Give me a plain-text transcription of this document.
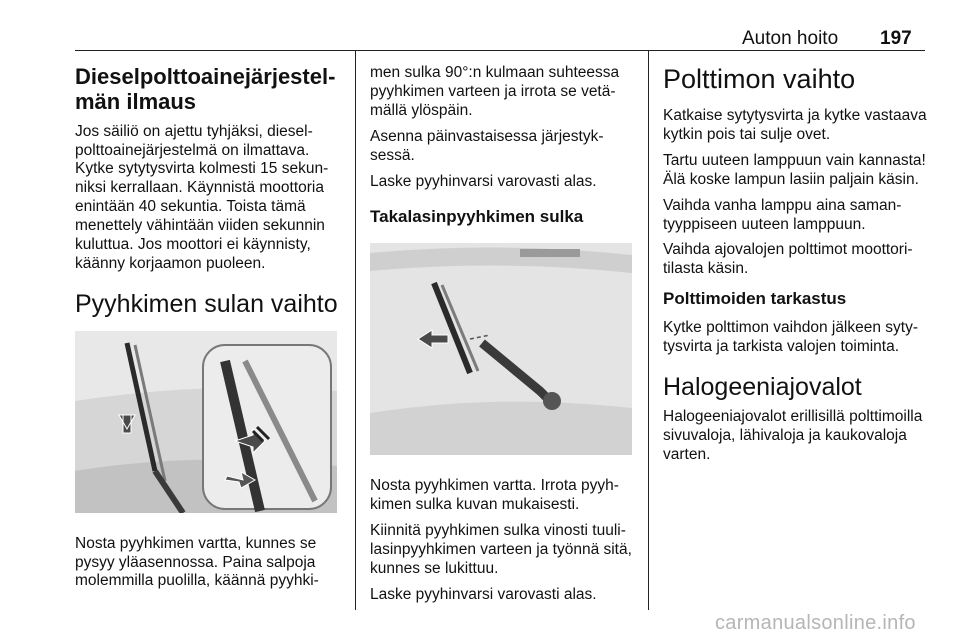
Auton hoito 197
Dieselpolttoainejärjestelmän ilmaus

Jos säiliö on ajettu tyhjäksi, dieselpolttoainejärjestelmä on ilmattava. Kytke sytytysvirta kolmesti 15 sekunniksi kerrallaan. Käynnistä moottoria enintään 40 sekuntia. Toista tämä menettely vähintään viiden sekunnin kuluttua. Jos moottori ei käynnisty, käänny korjaamon puoleen.

Pyyhkimen sulan vaihto

Nosta pyyhkimen vartta, kunnes se pysyy yläasennossa. Paina salpoja molemmilla puolilla, käännä pyyhki-

men sulka 90°:n kulmaan suhteessa pyyhkimen varteen ja irrota se vetämällä ylöspäin.

Asenna päinvastaisessa järjestyksessä.

Laske pyyhinvarsi varovasti alas.

Takalasinpyyhkimen sulka

Nosta pyyhkimen vartta. Irrota pyyhkimen sulka kuvan mukaisesti.

Kiinnitä pyyhkimen sulka vinosti tuulilasinpyyhkimen varteen ja työnnä sitä, kunnes se lukittuu.

Laske pyyhinvarsi varovasti alas.

Polttimon vaihto

Katkaise sytytysvirta ja kytke vastaava kytkin pois tai sulje ovet.

Tartu uuteen lamppuun vain kannasta! Älä koske lampun lasiin paljain käsin.

Vaihda vanha lamppu aina samantyyppiseen uuteen lamppuun.

Vaihda ajovalojen polttimot moottoritilasta käsin.

Polttimoiden tarkastus

Kytke polttimon vaihdon jälkeen sytytysvirta ja tarkista valojen toiminta.

Halogeeniajovalot

Halogeeniajovalot erillisillä polttimoilla sivuvaloja, lähivaloja ja kaukovaloja varten.

carmanualsonline.info
